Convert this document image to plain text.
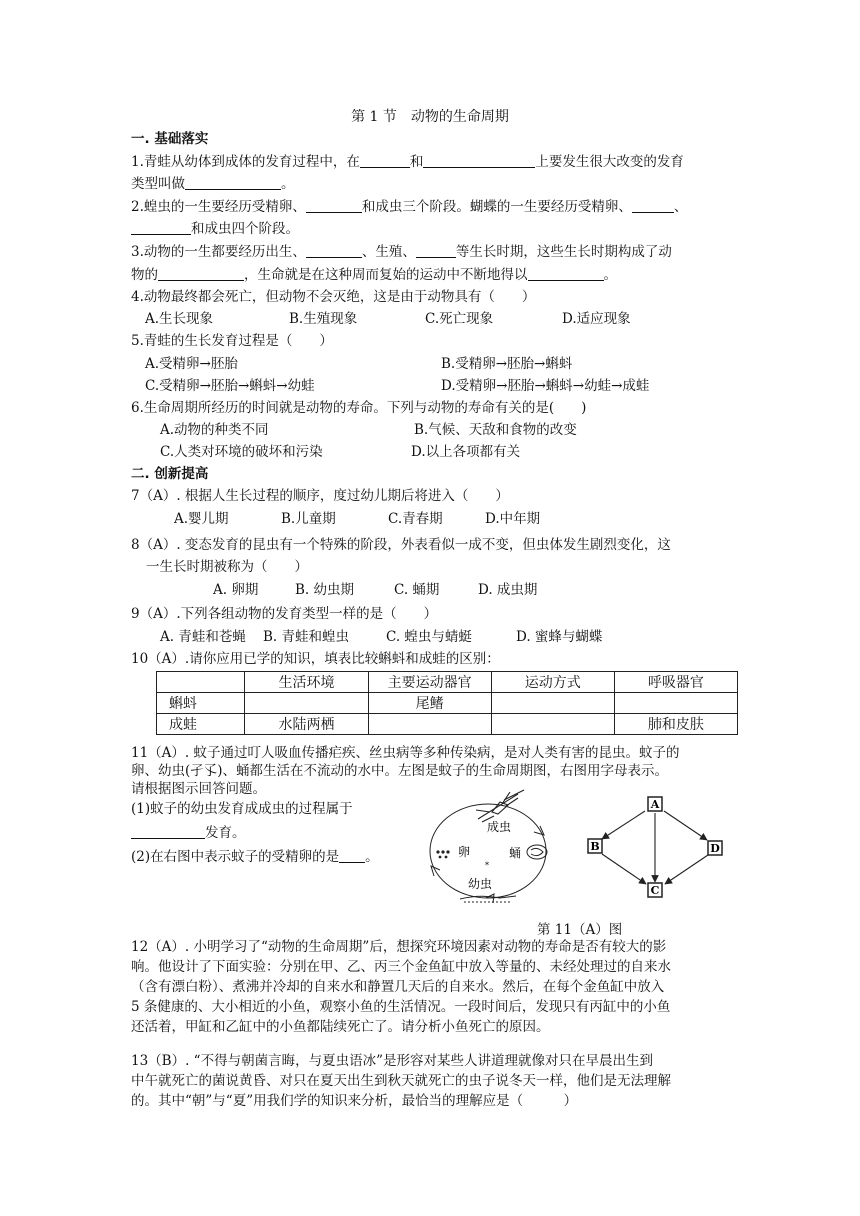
第 1 节　动物的生命周期
一. 基础落实
1.青蛙从幼体到成体的发育过程中，在	和	上要发生很大改变的发育
类型叫做	。
2.蝗虫的一生要经历受精卵、	和成虫三个阶段。蝴蝶的一生要经历受精卵、	、
和成虫四个阶段。
3.动物的一生都要经历出生、	、生殖、	等生长时期，这些生长时期构成了动
物的	，生命就是在这种周而复始的运动中不断地得以	。
4.动物最终都会死亡，但动物不会灭绝，这是由于动物具有（　　）
A.生长现象	B.生殖现象	C.死亡现象	D.适应现象
5.青蛙的生长发育过程是（　　）
A.受精卵→胚胎	B.受精卵→胚胎→蝌蚪
C.受精卵→胚胎→蝌蚪→幼蛙	D.受精卵→胚胎→蝌蚪→幼蛙→成蛙
6.生命周期所经历的时间就是动物的寿命。下列与动物的寿命有关的是(　　)
A.动物的种类不同	B.气候、天敌和食物的改变
C.人类对环境的破坏和污染	D.以上各项都有关
二. 创新提高
7（A）. 根据人生长过程的顺序，度过幼儿期后将进入（　　）
A.婴儿期	B.儿童期	C.青春期	D.中年期
8（A）. 变态发育的昆虫有一个特殊的阶段，外表看似一成不变，但虫体发生剧烈变化，这
一生长时期被称为（　　）
A. 卵期	B. 幼虫期	C. 蛹期	D. 成虫期
9（A）.下列各组动物的发育类型一样的是（　　）
A. 青蛙和苍蝇 B. 青蛙和蝗虫	C. 蝗虫与蜻蜓	D. 蜜蜂与蝴蝶
10（A）.请你应用已学的知识，填表比较蝌蚪和成蛙的区别：
	生活环境	主要运动器官	运动方式	呼吸器官
蝌蚪		尾鳍		
成蛙	水陆两栖			肺和皮肤
11（A）. 蚊子通过叮人吸血传播疟疾、丝虫病等多种传染病，是对人类有害的昆虫。蚊子的
卵、幼虫(孑孓)、蛹都生活在不流动的水中。左图是蚊子的生命周期图，右图用字母表示。
请根据图示回答问题。
(1)蚊子的幼虫发育成成虫的过程属于
发育。
(2)在右图中表示蚊子的受精卵的是 。
成虫
卵	蛹
幼虫
*
A
B
C
D
第 11（A）图
12（A）. 小明学习了“动物的生命周期”后，想探究环境因素对动物的寿命是否有较大的影
响。他设计了下面实验：分别在甲、乙、丙三个金鱼缸中放入等量的、未经处理过的自来水
（含有漂白粉）、煮沸并冷却的自来水和静置几天后的自来水。然后，在每个金鱼缸中放入
5 条健康的、大小相近的小鱼，观察小鱼的生活情况。一段时间后，发现只有丙缸中的小鱼
还活着，甲缸和乙缸中的小鱼都陆续死亡了。请分析小鱼死亡的原因。
13（B）. “不得与朝菌言晦，与夏虫语冰”是形容对某些人讲道理就像对只在早晨出生到
中午就死亡的菌说黄昏、对只在夏天出生到秋天就死亡的虫子说冬天一样，他们是无法理解
的。其中“朝”与“夏”用我们学的知识来分析，最恰当的理解应是（　　　）
